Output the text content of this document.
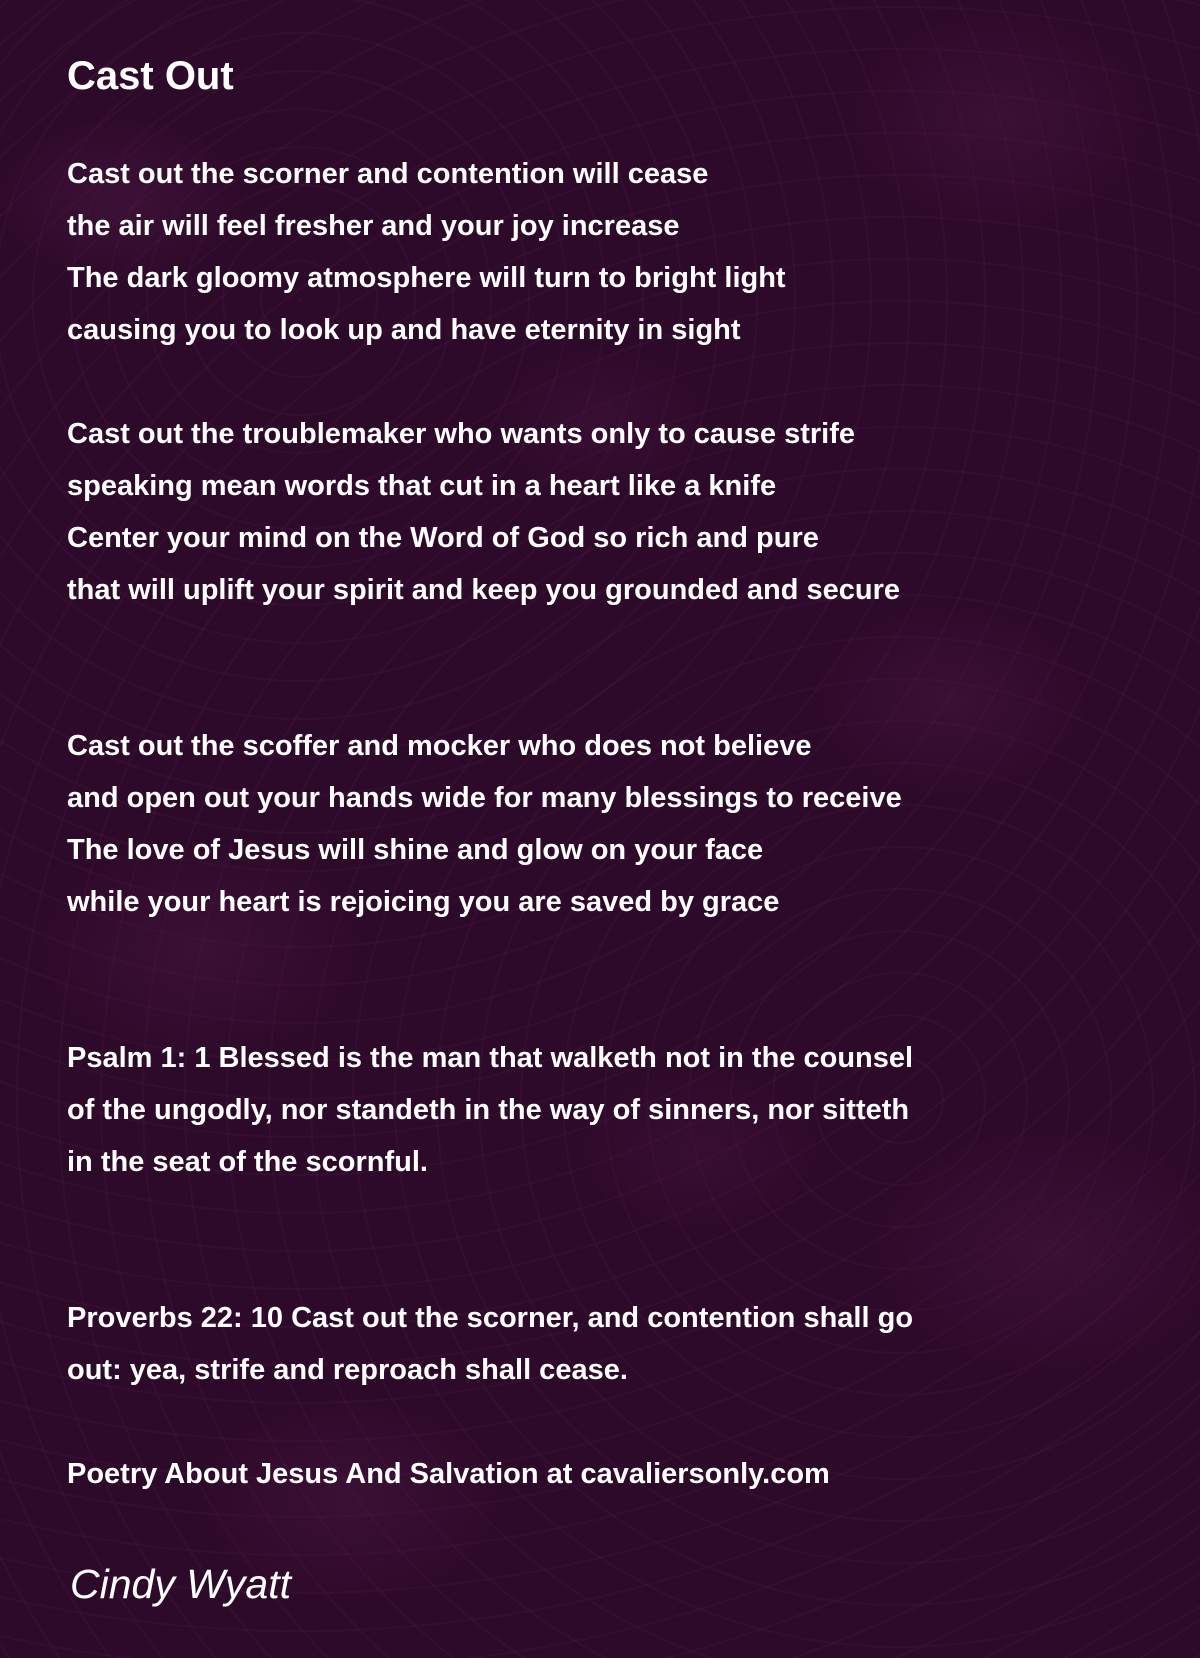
Cast Out

Cast out the scorner and contention will cease

the air will feel fresher and your joy increase

The dark gloomy atmosphere will turn to bright light

causing you to look up and have eternity in sight

Cast out the troublemaker who wants only to cause strife

speaking mean words that cut in a heart like a knife

Center your mind on the Word of God so rich and pure

that will uplift your spirit and keep you grounded and secure

Cast out the scoffer and mocker who does not believe

and open out your hands wide for many blessings to receive

The love of Jesus will shine and glow on your face

while your heart is rejoicing you are saved by grace

Psalm 1: 1 Blessed is the man that walketh not in the counsel

of the ungodly, nor standeth in the way of sinners, nor sitteth

in the seat of the scornful.

Proverbs 22: 10 Cast out the scorner, and contention shall go

out: yea, strife and reproach shall cease.

Poetry About Jesus And Salvation at cavaliersonly.com

Cindy Wyatt
